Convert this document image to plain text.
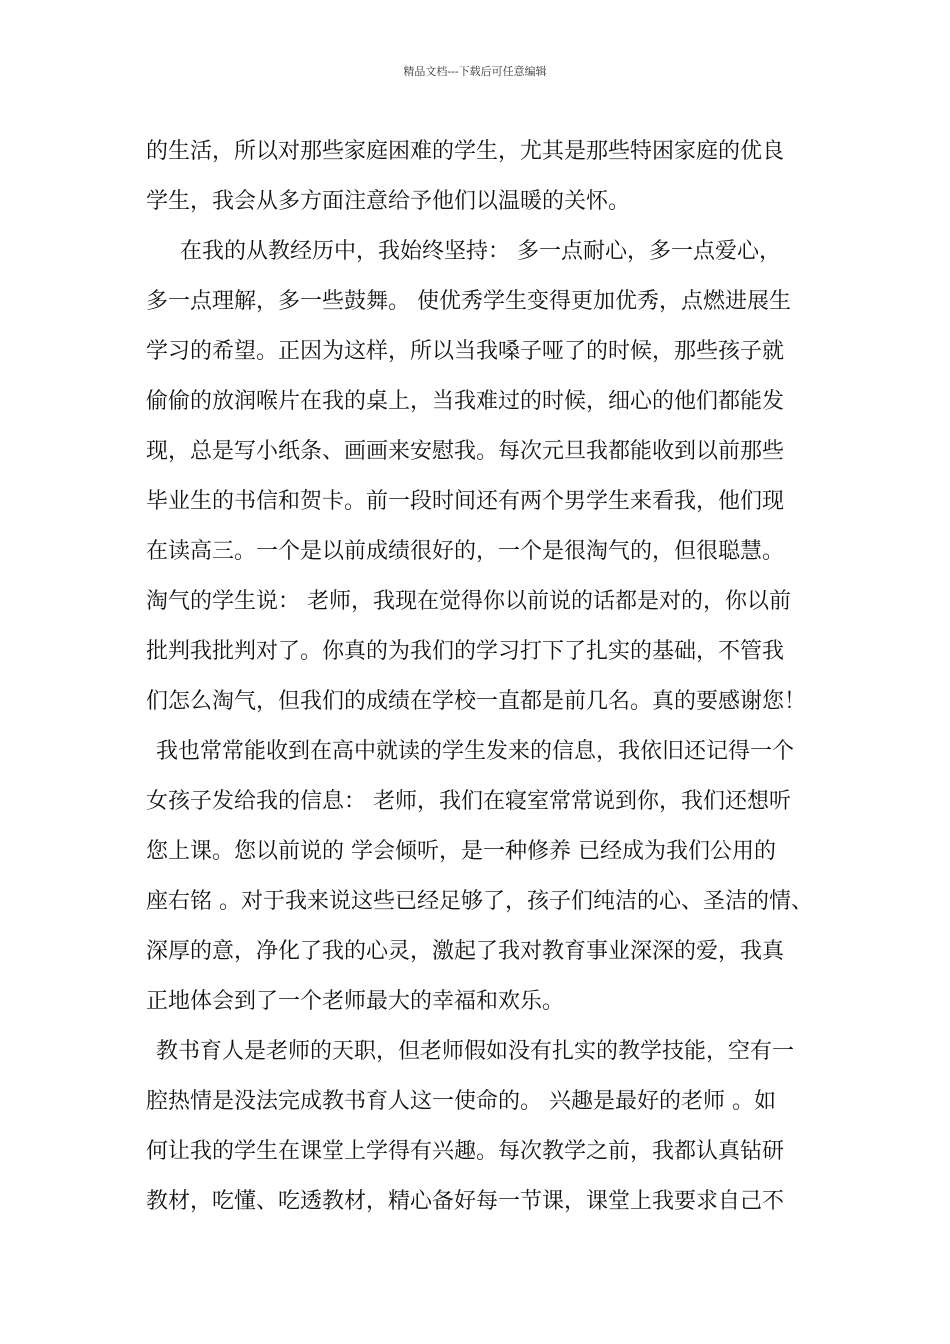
精品文档---下载后可任意编辑
的生活，所以对那些家庭困难的学生，尤其是那些特困家庭的优良
学生，我会从多方面注意给予他们以温暖的关怀。
在我的从教经历中，我始终坚持： 多一点耐心，多一点爱心，
多一点理解，多一些鼓舞。 使优秀学生变得更加优秀，点燃进展生
学习的希望。正因为这样，所以当我嗓子哑了的时候，那些孩子就
偷偷的放润喉片在我的桌上，当我难过的时候，细心的他们都能发
现，总是写小纸条、画画来安慰我。每次元旦我都能收到以前那些
毕业生的书信和贺卡。前一段时间还有两个男学生来看我，他们现
在读高三。一个是以前成绩很好的，一个是很淘气的，但很聪慧。
淘气的学生说： 老师，我现在觉得你以前说的话都是对的，你以前
批判我批判对了。你真的为我们的学习打下了扎实的基础，不管我
们怎么淘气，但我们的成绩在学校一直都是前几名。真的要感谢您！
我也常常能收到在高中就读的学生发来的信息，我依旧还记得一个
女孩子发给我的信息： 老师，我们在寝室常常说到你，我们还想听
您上课。您以前说的 学会倾听，是一种修养 已经成为我们公用的
座右铭 。对于我来说这些已经足够了，孩子们纯洁的心、圣洁的情、
深厚的意，净化了我的心灵，激起了我对教育事业深深的爱，我真
正地体会到了一个老师最大的幸福和欢乐。
教书育人是老师的天职，但老师假如没有扎实的教学技能，空有一
腔热情是没法完成教书育人这一使命的。 兴趣是最好的老师 。如
何让我的学生在课堂上学得有兴趣。每次教学之前，我都认真钻研
教材，吃懂、吃透教材，精心备好每一节课，课堂上我要求自己不
